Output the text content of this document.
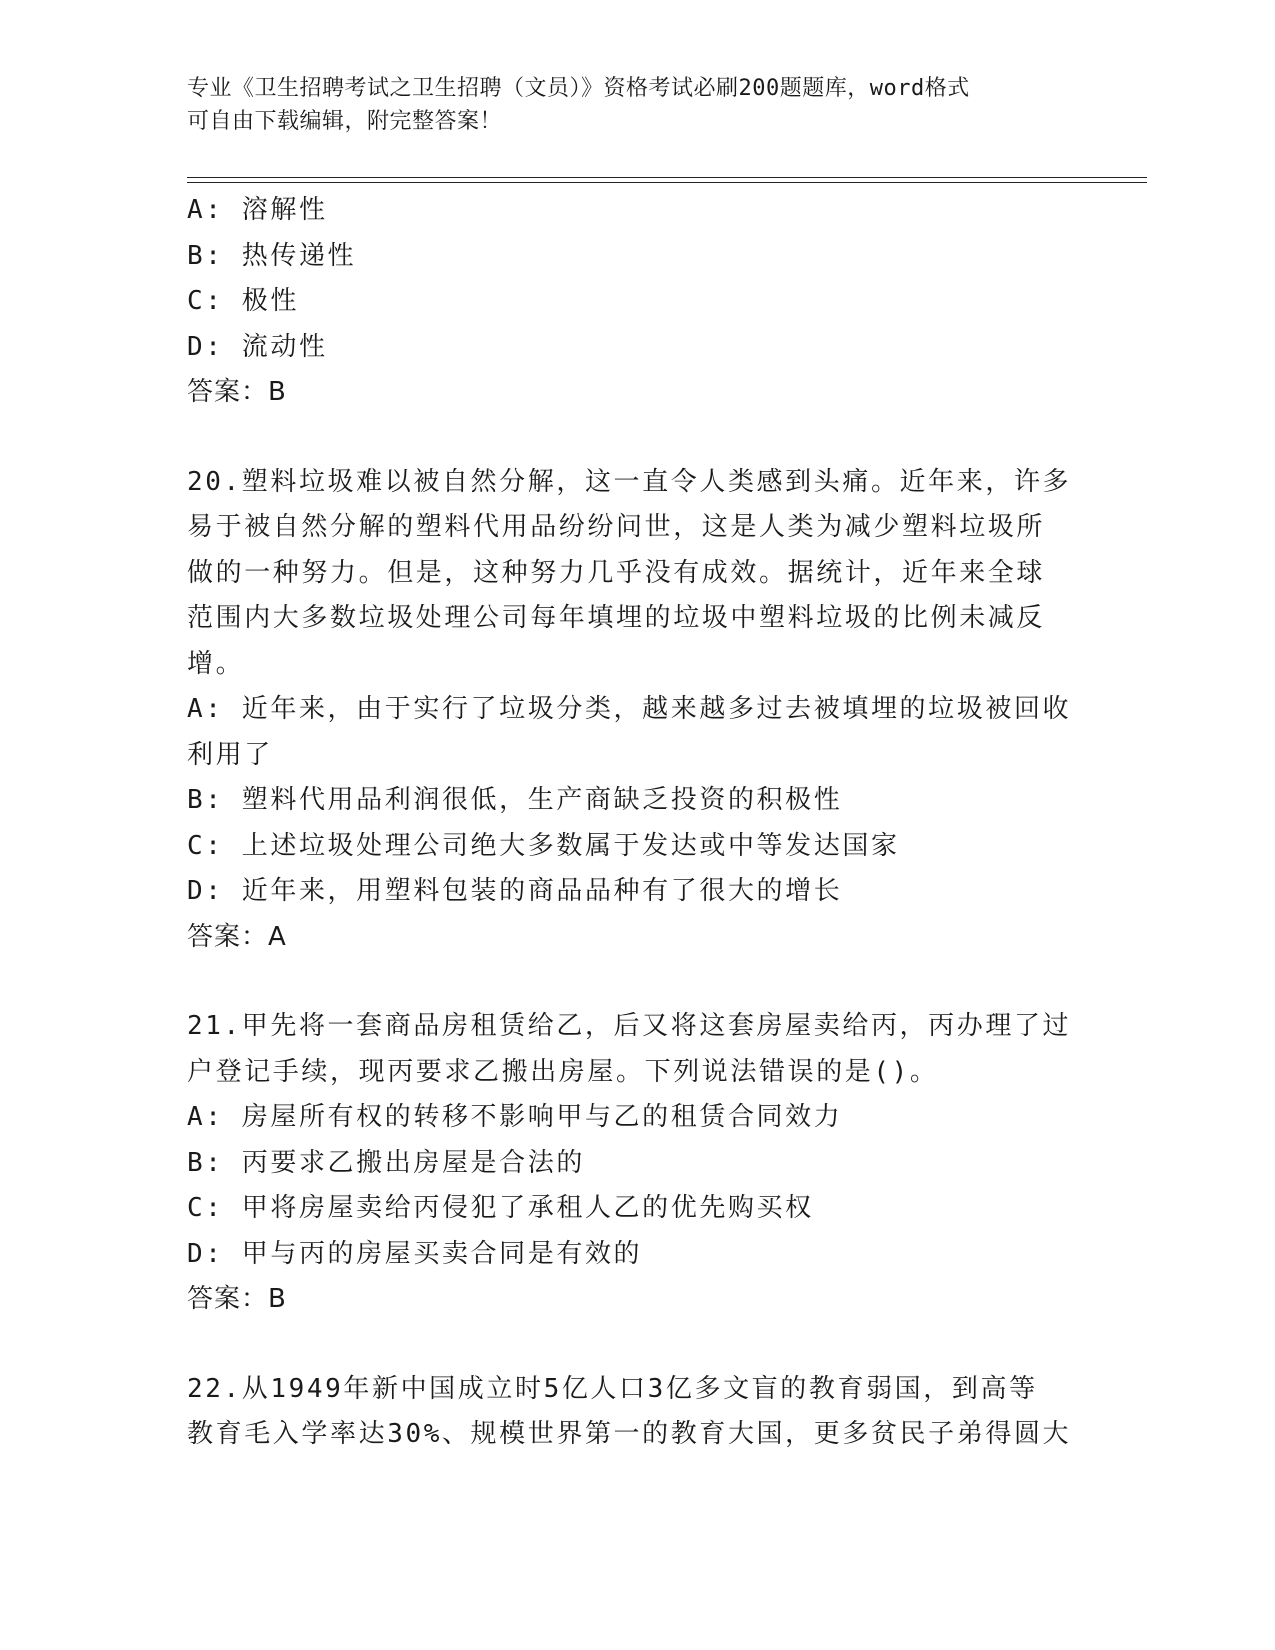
专业《卫生招聘考试之卫生招聘（文员）》资格考试必刷200题题库，word格式
可自由下载编辑，附完整答案！
A: 溶解性
B: 热传递性
C: 极性
D: 流动性
答案：B
20.塑料垃圾难以被自然分解，这一直令人类感到头痛。近年来，许多
易于被自然分解的塑料代用品纷纷问世，这是人类为减少塑料垃圾所
做的一种努力。但是，这种努力几乎没有成效。据统计，近年来全球
范围内大多数垃圾处理公司每年填埋的垃圾中塑料垃圾的比例未减反
增。
A: 近年来，由于实行了垃圾分类，越来越多过去被填埋的垃圾被回收
利用了
B: 塑料代用品利润很低，生产商缺乏投资的积极性
C: 上述垃圾处理公司绝大多数属于发达或中等发达国家
D: 近年来，用塑料包装的商品品种有了很大的增长
答案：A
21.甲先将一套商品房租赁给乙，后又将这套房屋卖给丙，丙办理了过
户登记手续，现丙要求乙搬出房屋。下列说法错误的是()。
A: 房屋所有权的转移不影响甲与乙的租赁合同效力
B: 丙要求乙搬出房屋是合法的
C: 甲将房屋卖给丙侵犯了承租人乙的优先购买权
D: 甲与丙的房屋买卖合同是有效的
答案：B
22.从1949年新中国成立时5亿人口3亿多文盲的教育弱国，到高等
教育毛入学率达30%、规模世界第一的教育大国，更多贫民子弟得圆大
